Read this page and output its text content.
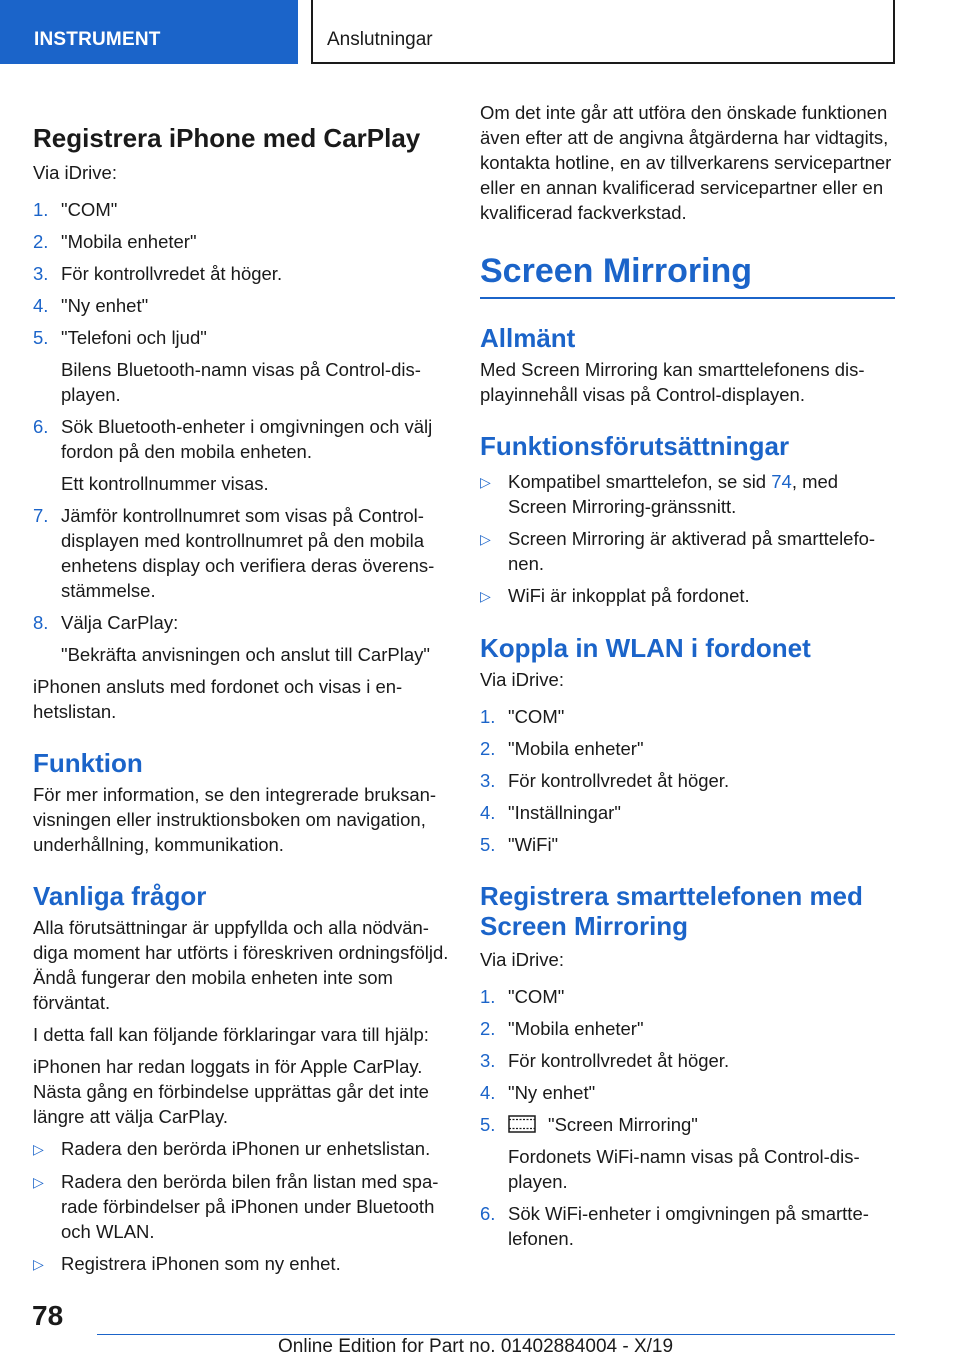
INSTRUMENT	Anslutningar
Registrera iPhone med CarPlay

Via iDrive:

1. "COM"
2. "Mobila enheter"
3. För kontrollvredet åt höger.
4. "Ny enhet"
5. "Telefoni och ljud"
Bilens Bluetooth-namn visas på Control-displayen.
6. Sök Bluetooth-enheter i omgivningen och välj fordon på den mobila enheten.
Ett kontrollnummer visas.
7. Jämför kontrollnumret som visas på Control-displayen med kontrollnumret på den mobila enhetens display och verifiera deras överensstämmelse.
8. Välja CarPlay:
"Bekräfta anvisningen och anslut till CarPlay"

iPhonen ansluts med fordonet och visas i enhetslistan.

Funktion

För mer information, se den integrerade bruksanvisningen eller instruktionsboken om navigation, underhållning, kommunikation.

Vanliga frågor

Alla förutsättningar är uppfyllda och alla nödvändiga moment har utförts i föreskriven ordningsföljd. Ändå fungerar den mobila enheten inte som förväntat.

I detta fall kan följande förklaringar vara till hjälp:

iPhonen har redan loggats in för Apple CarPlay. Nästa gång en förbindelse upprättas går det inte längre att välja CarPlay.

▷ Radera den berörda iPhonen ur enhetslistan.
▷ Radera den berörda bilen från listan med sparade förbindelser på iPhonen under Bluetooth och WLAN.
▷ Registrera iPhonen som ny enhet.

Om det inte går att utföra den önskade funktionen även efter att de angivna åtgärderna har vidtagits, kontakta hotline, en av tillverkarens servicepartner eller en annan kvalificerad servicepartner eller en kvalificerad fackverkstad.

Screen Mirroring
Allmänt

Med Screen Mirroring kan smarttelefonens displayinnehåll visas på Control-displayen.

Funktionsförutsättningar
▷ Kompatibel smarttelefon, se sid 74, med Screen Mirroring-gränssnitt.
▷ Screen Mirroring är aktiverad på smarttelefonen.
▷ WiFi är inkopplat på fordonet.
Koppla in WLAN i fordonet

Via iDrive:

1. "COM"
2. "Mobila enheter"
3. För kontrollvredet åt höger.
4. "Inställningar"
5. "WiFi"
Registrera smarttelefonen med Screen Mirroring

Via iDrive:

1. "COM"
2. "Mobila enheter"
3. För kontrollvredet åt höger.
4. "Ny enhet"
5.	"Screen Mirroring"
Fordonets WiFi-namn visas på Control-displayen.
6. Sök WiFi-enheter i omgivningen på smarttelefonen.
78
Online Edition for Part no. 01402884004 - X/19
